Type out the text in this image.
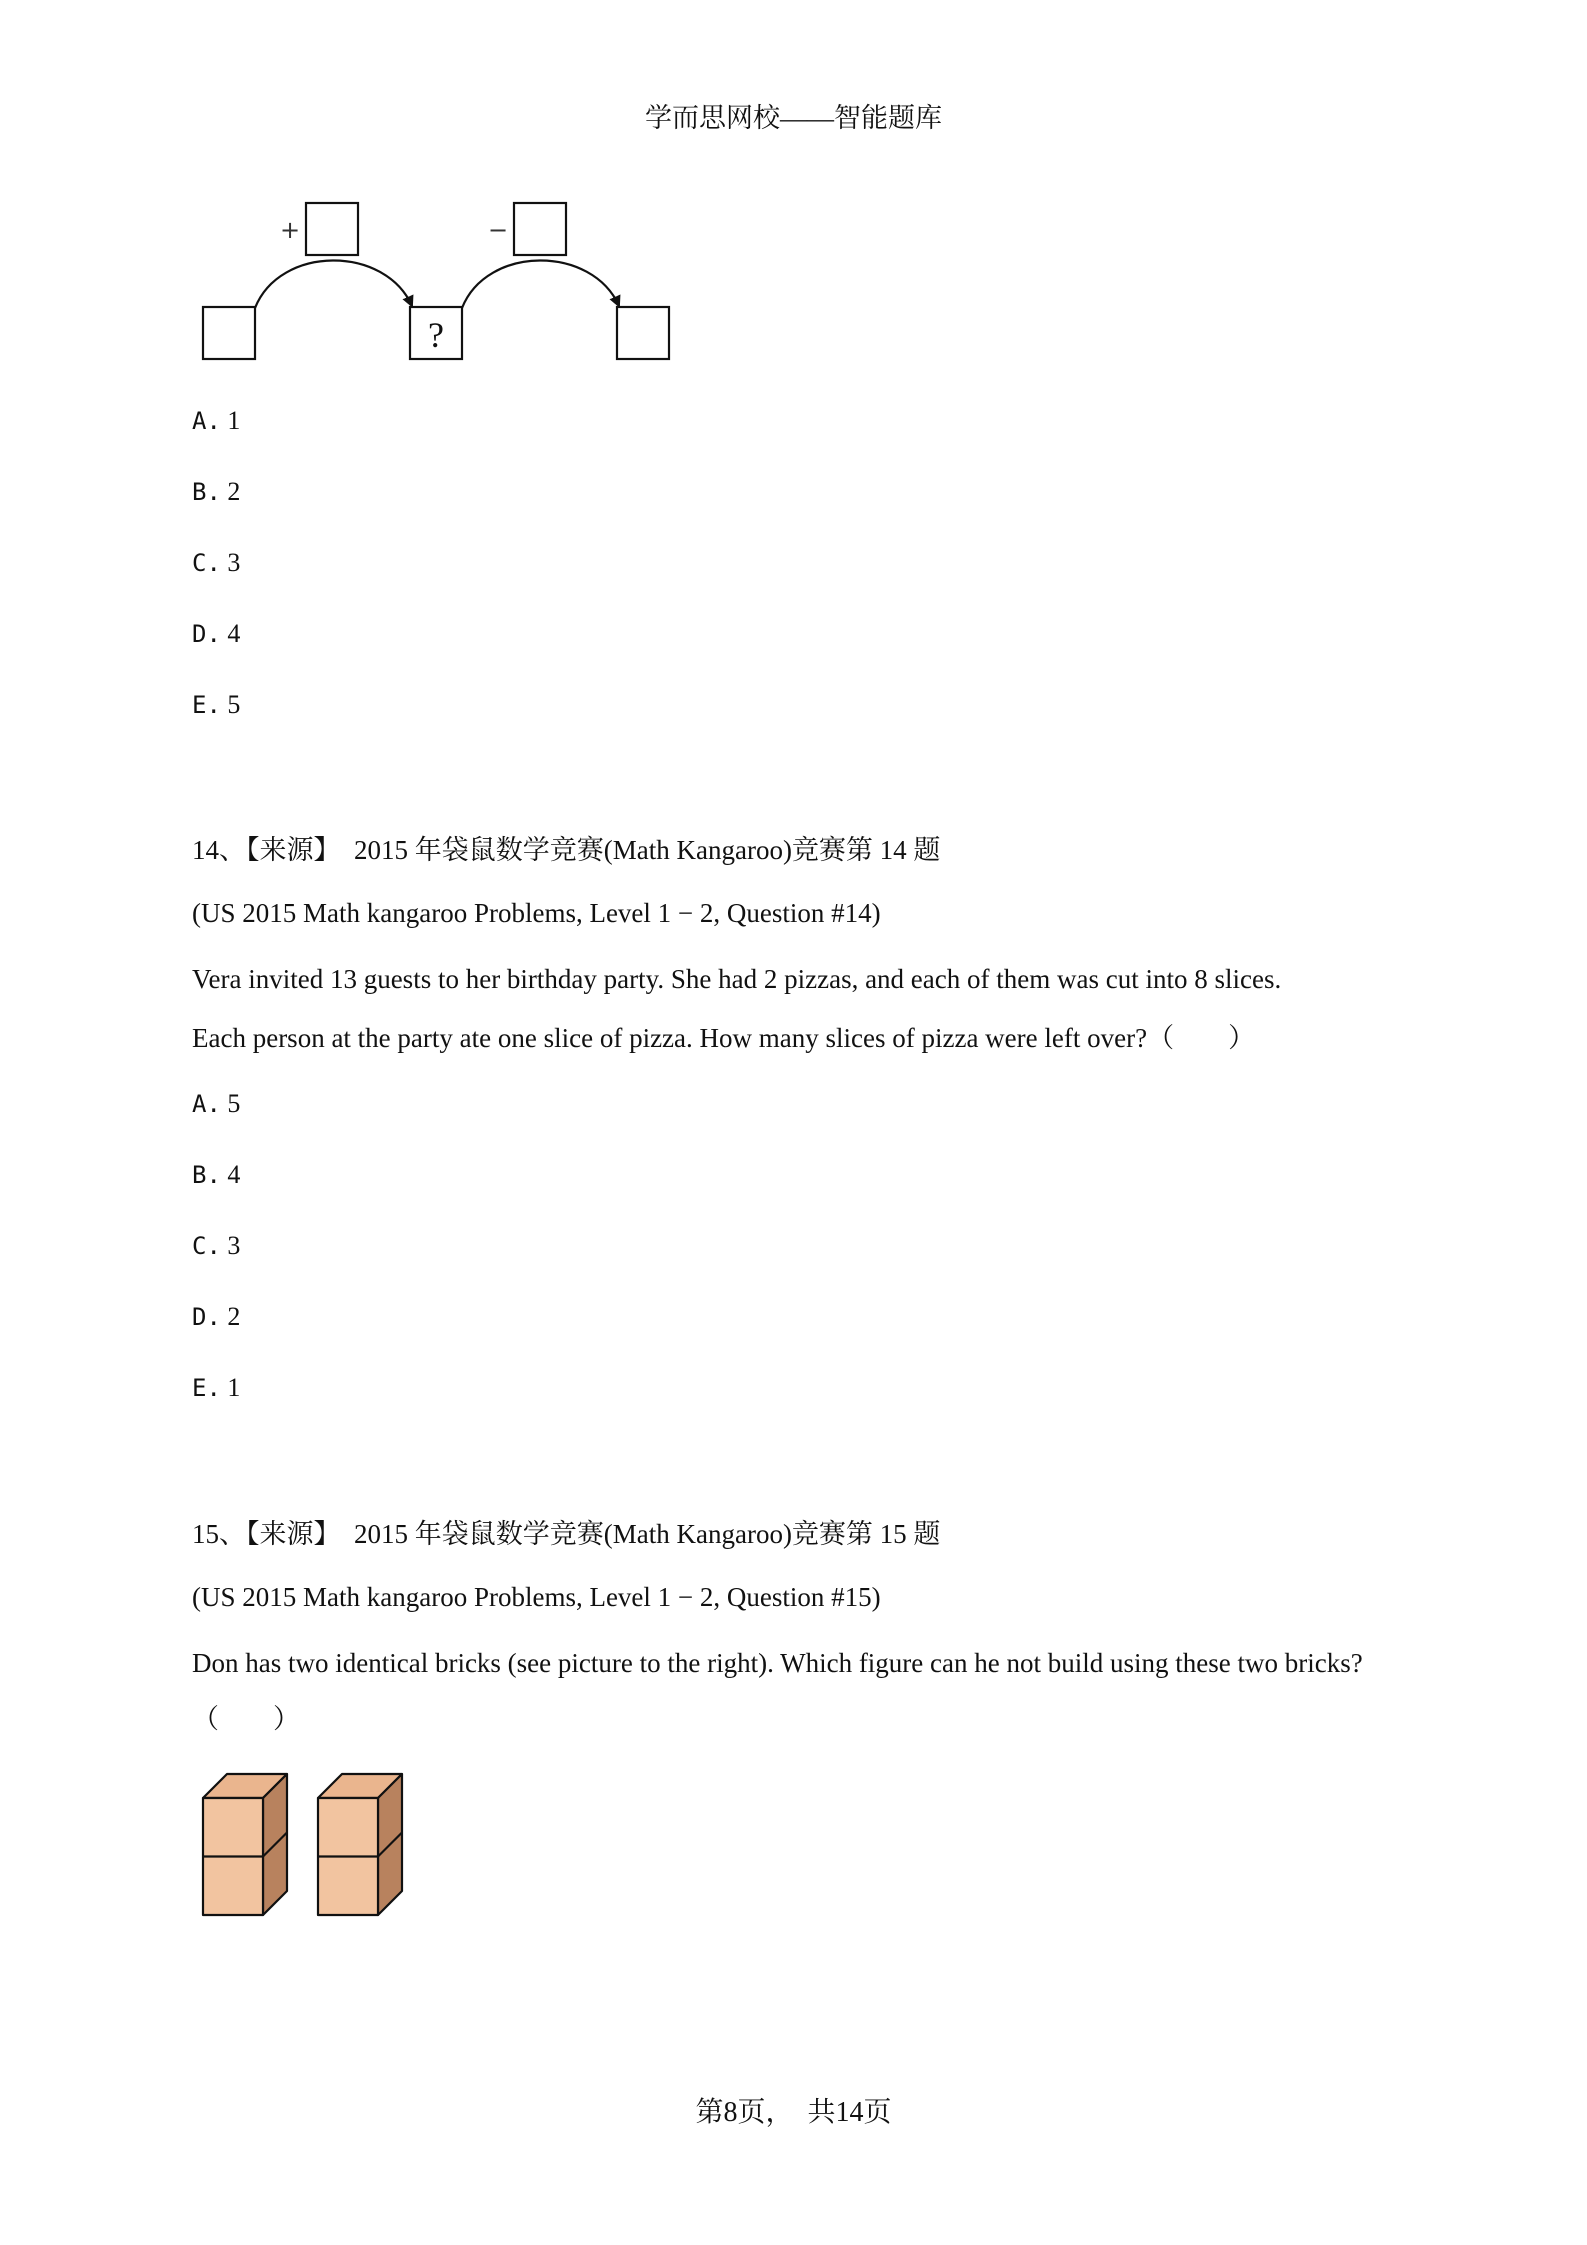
学而思网校——智能题库
+	−
?
A. 1
B. 2
C. 3
D. 4
E. 5
14、【来源】 2015 年袋鼠数学竞赛(Math Kangaroo)竞赛第 14 题
(US 2015 Math kangaroo Problems, Level 1 − 2, Question #14)
Vera invited 13 guests to her birthday party. She had 2 pizzas, and each of them was cut into 8 slices.
Each person at the party ate one slice of pizza. How many slices of pizza were left over?（　　）
A. 5
B. 4
C. 3
D. 2
E. 1
15、【来源】 2015 年袋鼠数学竞赛(Math Kangaroo)竞赛第 15 题
(US 2015 Math kangaroo Problems, Level 1 − 2, Question #15)
Don has two identical bricks (see picture to the right). Which figure can he not build using these two bricks?
（　　）
第8页，　共14页
